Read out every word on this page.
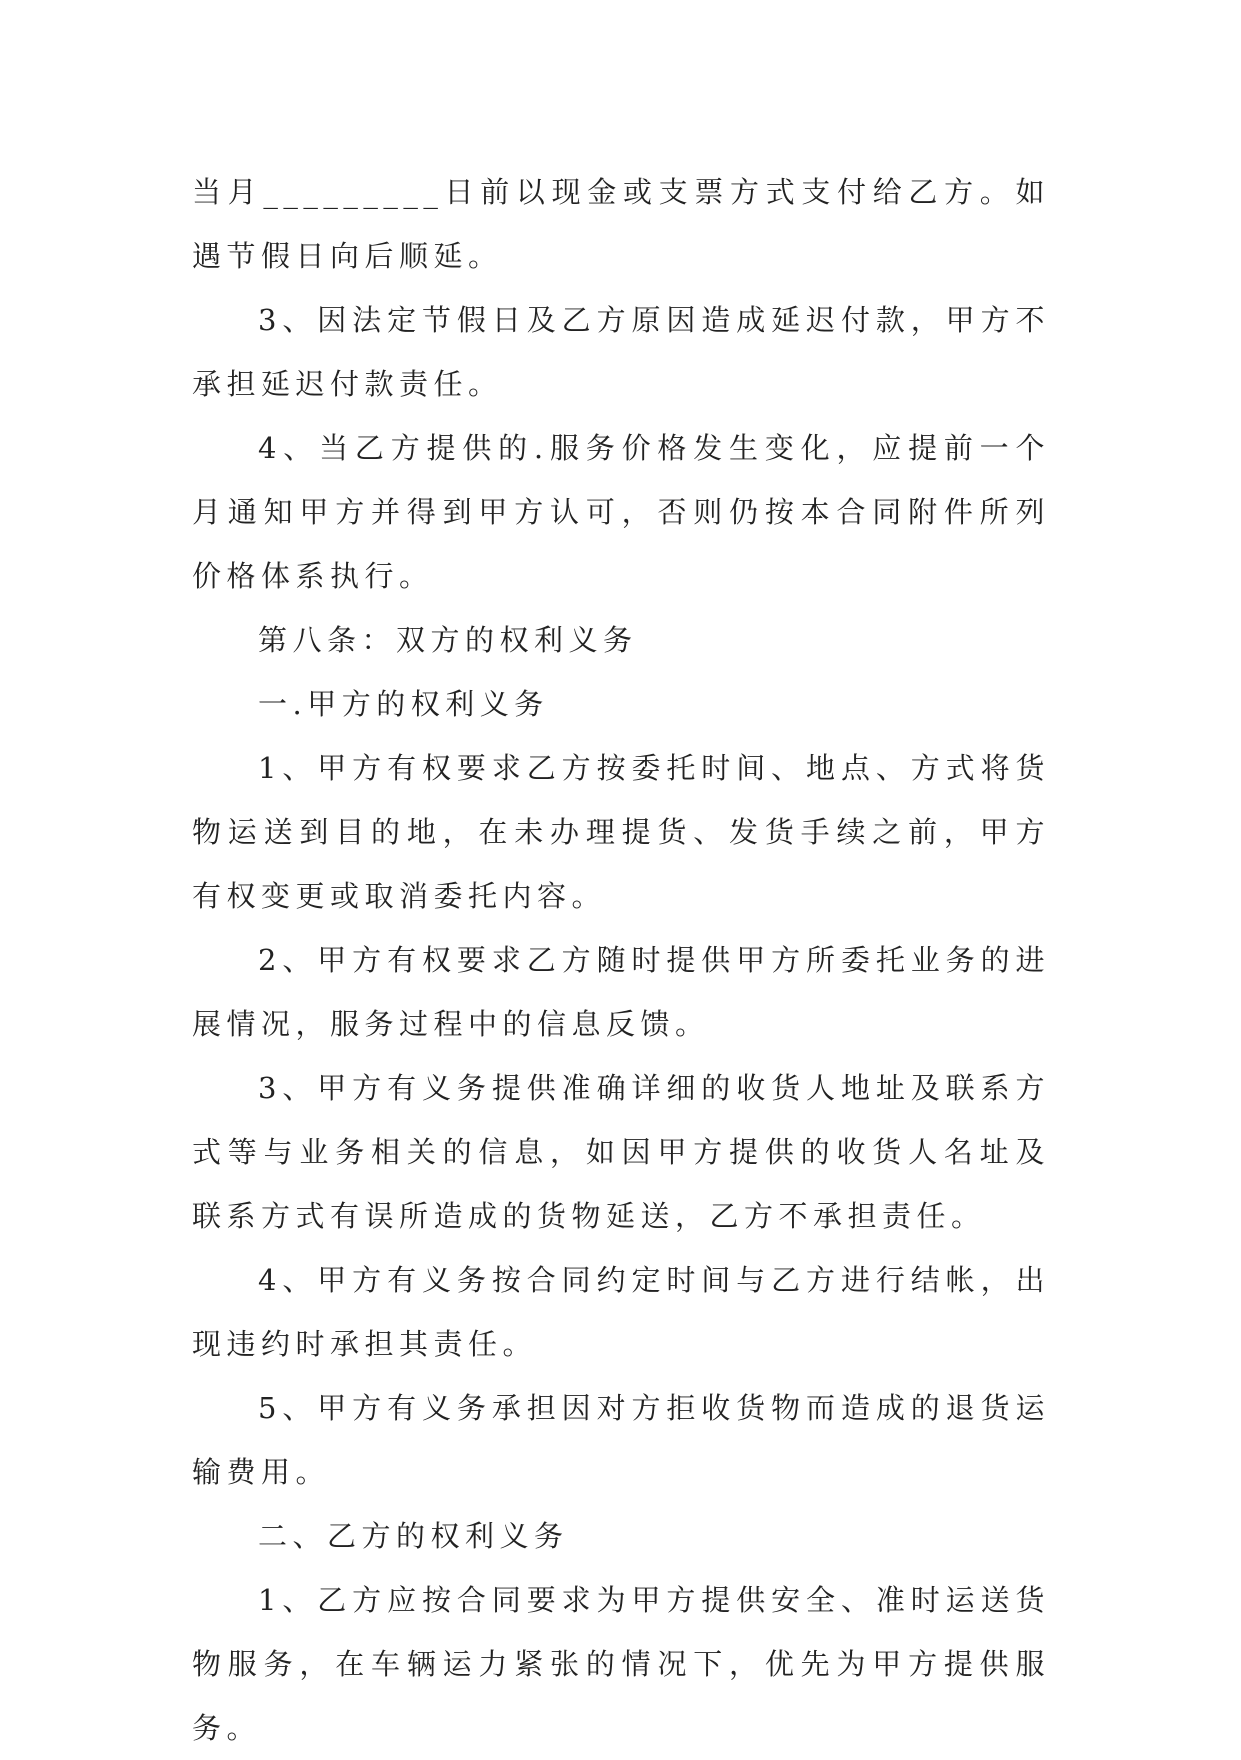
当月_________日前以现金或支票方式支付给乙方。如遇节假日向后顺延。

3、因法定节假日及乙方原因造成延迟付款，甲方不承担延迟付款责任。

4、当乙方提供的.服务价格发生变化，应提前一个月通知甲方并得到甲方认可，否则仍按本合同附件所列价格体系执行。

第八条：双方的权利义务

一.甲方的权利义务

1、甲方有权要求乙方按委托时间、地点、方式将货物运送到目的地，在未办理提货、发货手续之前，甲方有权变更或取消委托内容。

2、甲方有权要求乙方随时提供甲方所委托业务的进展情况，服务过程中的信息反馈。

3、甲方有义务提供准确详细的收货人地址及联系方式等与业务相关的信息，如因甲方提供的收货人名址及联系方式有误所造成的货物延送，乙方不承担责任。

4、甲方有义务按合同约定时间与乙方进行结帐，出现违约时承担其责任。

5、甲方有义务承担因对方拒收货物而造成的退货运输费用。

二、乙方的权利义务

1、乙方应按合同要求为甲方提供安全、准时运送货物服务，在车辆运力紧张的情况下，优先为甲方提供服务。
